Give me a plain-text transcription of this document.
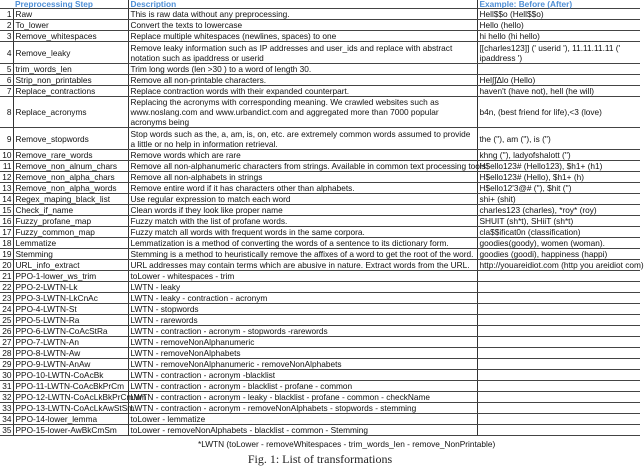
	Preprocessing Step	Description	Example: Before (After)
1	Raw	This is raw data without any preprocessing.	Hell$$o (Hell$$o)
2	To_lower	Convert the texts to lowercase	Hello (hello)
3	Remove_whitespaces	Replace multiple whitespaces (newlines, spaces) to one	hi hello (hi hello)
4	Remove_leaky	Remove leaky information such as IP addresses and user_ids and replace with abstract notation such as ipaddress or userid	[[charles123]] (' userid '), 11.11.11.11 (' ipaddress ')
5	trim_words_len	Trim long words (len >30 ) to a word of length 30.	
6	Strip_non_printables	Remove all non-printable characters.	Hel∫∫Δlo (Hello)
7	Replace_contractions	Replace contraction words with their expanded counterpart.	haven't (have not), hell (he will)
8	Replace_acronyms	Replacing the acronyms with corresponding meaning. We crawled websites such as www.noslang.com and www.urbandict.com and aggregated more than 7000 popular acronyms being	b4n, (best friend for life),<3 (love)
9	Remove_stopwords	Stop words such as the, a, am, is, on, etc. are extremely common words assumed to provide a little or no help in information retrieval.	the (''), am (''), is ('')
10	Remove_rare_words	Remove words which are rare	khng (''), ladyofshalott ('')
11	Remove_non_alnum_chars	Remove all non-alphanumeric characters from strings. Available in common text processing tools	H$ello123# (Hello123), $h1+ (h1)
12	Remove_non_alpha_chars	Remove all non-alphabets in strings	H$ello123# (Hello), $h1+ (h)
13	Remove_non_alpha_words	Remove entire word if it has characters other than alphabets.	H$ello12'3@# (''), $hit ('')
14	Regex_maping_black_list	Use regular expression to match each word	shi+ (shit)
15	Check_if_name	Clean words if they look like proper name	charles123 (charles), *roy* (roy)
16	Fuzzy_profane_map	Fuzzy match with the list of profane words.	SHUIT (sh*t), SHiiT (sh*t)
17	Fuzzy_common_map	Fuzzy match all words with frequent words in the same corpora.	cla$$ificat0n (classification)
18	Lemmatize	Lemmatization is a method of converting the words of a sentence to its dictionary form.	goodies(goody), women (woman).
19	Stemming	Stemming is a method to heuristically remove the affixes of a word to get the root of the word.	goodies (goodi), happiness (happi)
20	URL_info_extract	URL addresses may contain terms which are abusive in nature. Extract words from the URL.	http://youareidiot.com (http you areidiot com)
21	PPO-1-lower_ws_trim	toLower - whitespaces - trim	
22	PPO-2-LWTN-Lk	LWTN - leaky	
23	PPO-3-LWTN-LkCnAc	LWTN - leaky - contraction - acronym	
24	PPO-4-LWTN-St	LWTN - stopwords	
25	PPO-5-LWTN-Ra	LWTN - rarewords	
26	PPO-6-LWTN-CoAcStRa	LWTN - contraction - acronym - stopwords -rarewords	
27	PPO-7-LWTN-An	LWTN - removeNonAlphanumeric	
28	PPO-8-LWTN-Aw	LWTN - removeNonAlphabets	
29	PPO-9-LWTN-AnAw	LWTN - removeNonAlphanumeric - removeNonAlphabets	
30	PPO-10-LWTN-CoAcBk	LWTN - contraction - acronym -blacklist	
31	PPO-11-LWTN-CoAcBkPrCm	LWTN - contraction - acronym - blacklist - profane - common	
32	PPO-12-LWTN-CoAcLkBkPrCmNm	LWTN - contraction - acronym - leaky - blacklist - profane - common - checkName	
33	PPO-13-LWTN-CoAcLkAwStSm	LWTN - contraction - acronym - removeNonAlphabets - stopwords - stemming	
34	PPO-14-lower_lemma	toLower - lemmatize	
35	PPO-15-lower-AwBkCmSm	toLower - removeNonAlphabets - blacklist - common - Stemming	
*LWTN (toLower - removeWhitespaces - trim_words_len - remove_NonPrintable)
Fig. 1: List of transformations
